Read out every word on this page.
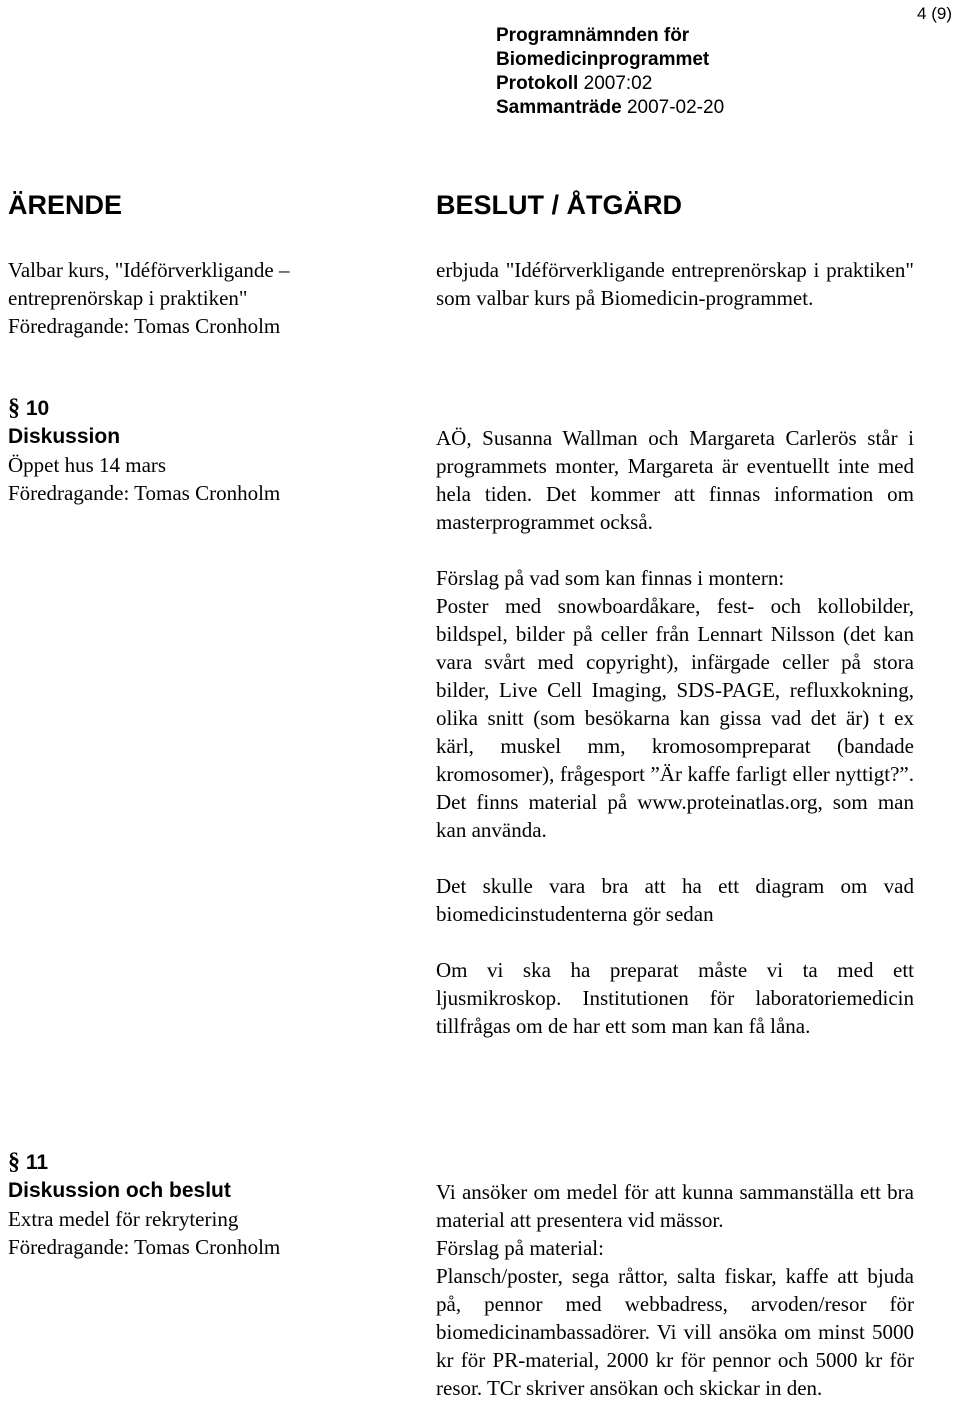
4 (9)
Programnämnden för
Biomedicinprogrammet
Protokoll 2007:02
Sammanträde 2007-02-20
ÄRENDE	BESLUT / ÅTGÄRD
Valbar kurs, "Idéförverkligande –
entreprenörskap i praktiken"
Föredragande: Tomas Cronholm

erbjuda "Idéförverkligande entreprenörskap i praktiken" som valbar kurs på Biomedicin-programmet.

§ 10
Diskussion
Öppet hus 14 mars
Föredragande: Tomas Cronholm

AÖ, Susanna Wallman och Margareta Carlerös står i programmets monter, Margareta är eventuellt inte med hela tiden. Det kommer att finnas information om masterprogrammet också.

Förslag på vad som kan finnas i montern:

Poster med snowboardåkare, fest- och kollobilder, bildspel, bilder på celler från Lennart Nilsson (det kan vara svårt med copyright), infärgade celler på stora bilder, Live Cell Imaging, SDS-PAGE, refluxkokning, olika snitt (som besökarna kan gissa vad det är) t ex kärl, muskel mm, kromosompreparat (bandade kromosomer), frågesport ”Är kaffe farligt eller nyttigt?”. Det finns material på www.proteinatlas.org, som man kan använda.

Det skulle vara bra att ha ett diagram om vad biomedicinstudenterna gör sedan

Om vi ska ha preparat måste vi ta med ett ljusmikroskop. Institutionen för laboratoriemedicin tillfrågas om de har ett som man kan få låna.

§ 11
Diskussion och beslut
Extra medel för rekrytering
Föredragande: Tomas Cronholm

Vi ansöker om medel för att kunna sammanställa ett bra material att presentera vid mässor.

Förslag på material:

Plansch/poster, sega råttor, salta fiskar, kaffe att bjuda på, pennor med webbadress, arvoden/resor för biomedicinambassadörer. Vi vill ansöka om minst 5000 kr för PR-material, 2000 kr för pennor och 5000 kr för resor. TCr skriver ansökan och skickar in den.
